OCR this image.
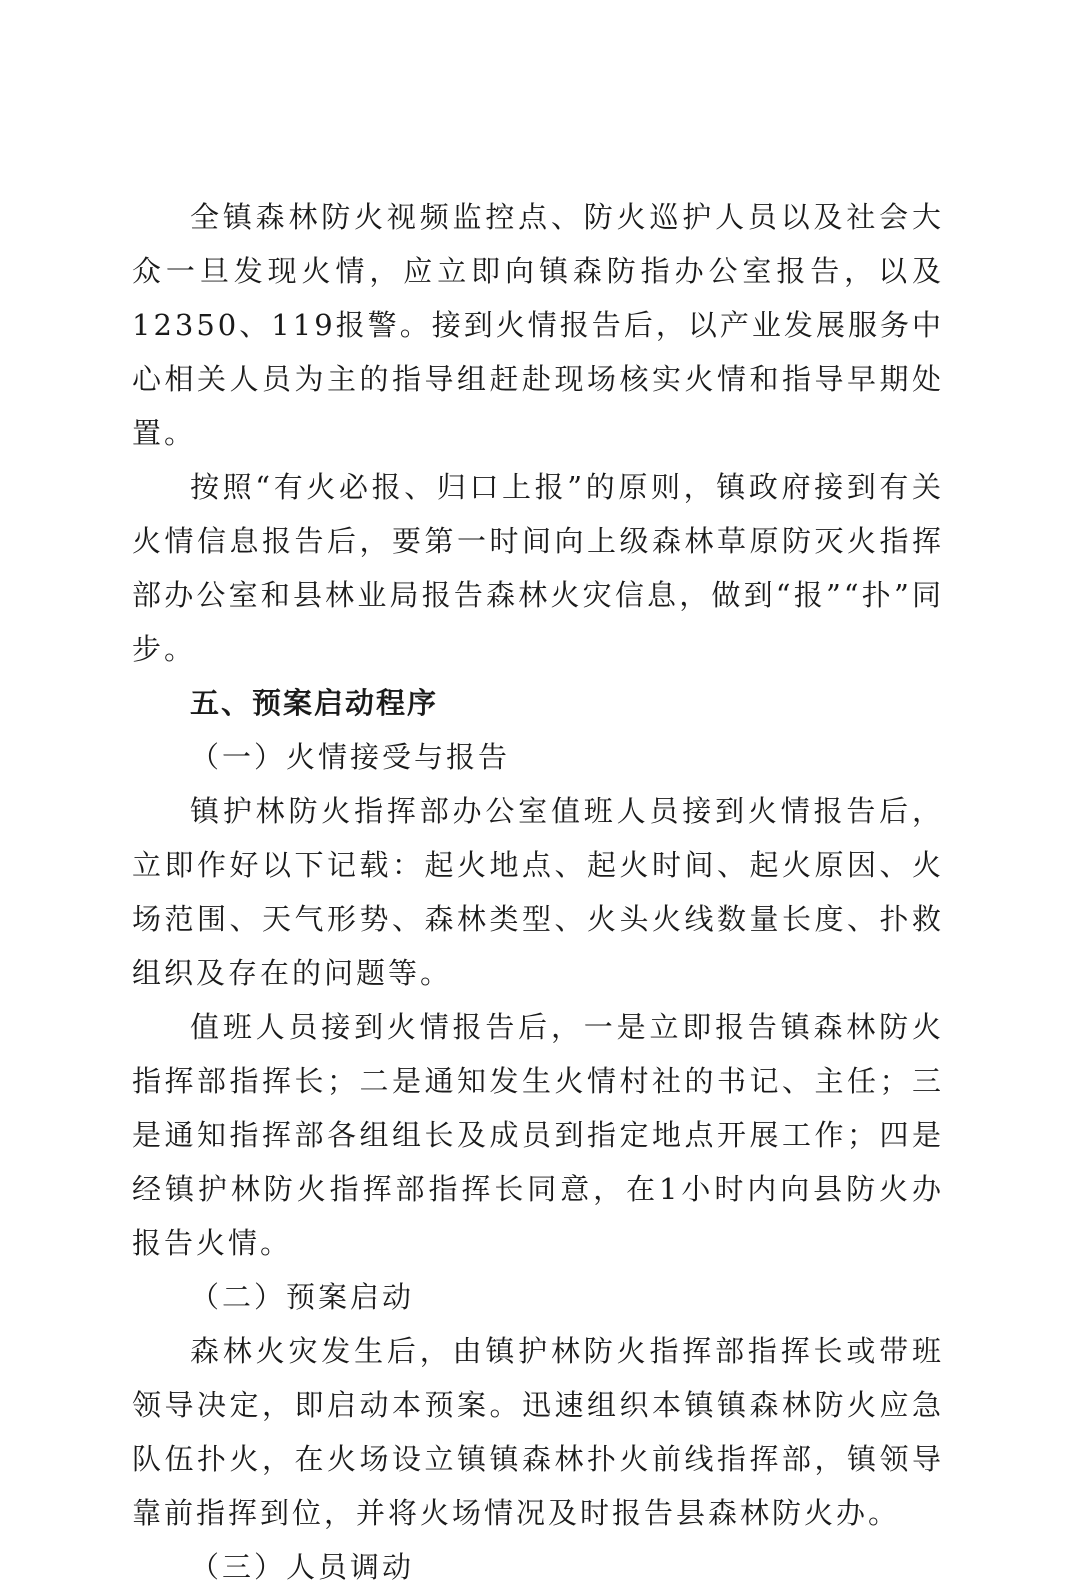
全镇森林防火视频监控点、防火巡护人员以及社会大众一旦发现火情，应立即向镇森防指办公室报告，以及12350、119报警。接到火情报告后，以产业发展服务中心相关人员为主的指导组赶赴现场核实火情和指导早期处置。

按照“有火必报、归口上报”的原则，镇政府接到有关火情信息报告后，要第一时间向上级森林草原防灭火指挥部办公室和县林业局报告森林火灾信息，做到“报”“扑”同步。

五、预案启动程序

（一）火情接受与报告

镇护林防火指挥部办公室值班人员接到火情报告后，立即作好以下记载：起火地点、起火时间、起火原因、火场范围、天气形势、森林类型、火头火线数量长度、扑救组织及存在的问题等。

值班人员接到火情报告后，一是立即报告镇森林防火指挥部指挥长；二是通知发生火情村社的书记、主任；三是通知指挥部各组组长及成员到指定地点开展工作；四是经镇护林防火指挥部指挥长同意，在1小时内向县防火办报告火情。

（二）预案启动

森林火灾发生后，由镇护林防火指挥部指挥长或带班领导决定，即启动本预案。迅速组织本镇镇森林防火应急队伍扑火，在火场设立镇镇森林扑火前线指挥部，镇领导靠前指挥到位，并将火场情况及时报告县森林防火办。

（三）人员调动
